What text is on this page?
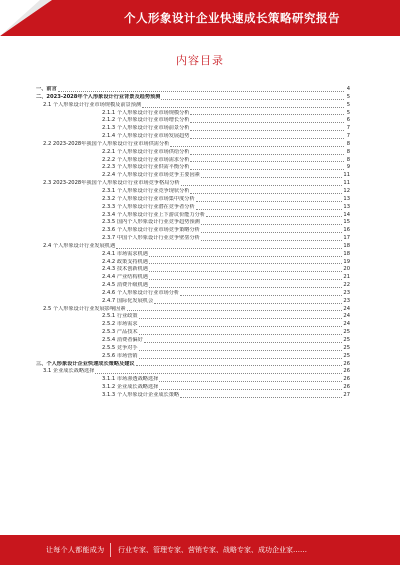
个人形象设计企业快速成长策略研究报告
内容目录
一、前言	4
二、2023-2028年个人形象设计行业背景及趋势预测	5
2.1 个人形象设计行业市场规模及前景预测	5
2.1.1 个人形象设计行业市场规模分析	5
2.1.2 个人形象设计行业市场增长分析	6
2.1.3 个人形象设计行业市场前景分析	7
2.1.4 个人形象设计行业市场发展趋势	7
2.2 2023-2028年我国个人形象设计行业市场供需分析	8
2.2.1 个人形象设计行业市场供给分析	8
2.2.2 个人形象设计行业市场需求分析	8
2.2.3 个人形象设计行业供需平衡分析	9
2.2.4 个人形象设计行业市场竞争主要因素	11
2.3 2023-2028年我国个人形象设计行业市场竞争格局分析	11
2.3.1 个人形象设计行业竞争现状分析	12
2.3.2 个人形象设计行业市场集中度分析	13
2.3.3 个人形象设计行业潜在竞争者分析	13
2.3.4 个人形象设计行业上下游议价能力分析	14
2.3.5 国内个人形象设计行业竞争趋势预测	15
2.3.6 个人形象设计行业市场竞争策略分析	16
2.3.7 中国个人形象设计行业竞争壁垒分析	17
2.4 个人形象设计行业发展机遇	18
2.4.1 市场需求机遇	18
2.4.2 政策支持机遇	19
2.4.3 技术创新机遇	20
2.4.4 产业结构机遇	21
2.4.5 消费升级机遇	22
2.4.6 个人形象设计行业市场分析	23
2.4.7 国际化发展机会	23
2.5 个人形象设计行业发展影响因素	24
2.5.1 行业政策	24
2.5.2 市场需求	24
2.5.3 产品技术	25
2.5.4 消费者偏好	25
2.5.5 竞争对手	25
2.5.6 市场营销	25
三、个人形象设计企业快速成长策略及建议	26
3.1 企业成长战略选择	26
3.1.1 市场渗透战略选择	26
3.1.2 企业成长战略选择	26
3.1.3 个人形象设计企业成长策略	27
让每个人都能成为 行业专家、管理专家、营销专家、战略专家、成功企业家……
